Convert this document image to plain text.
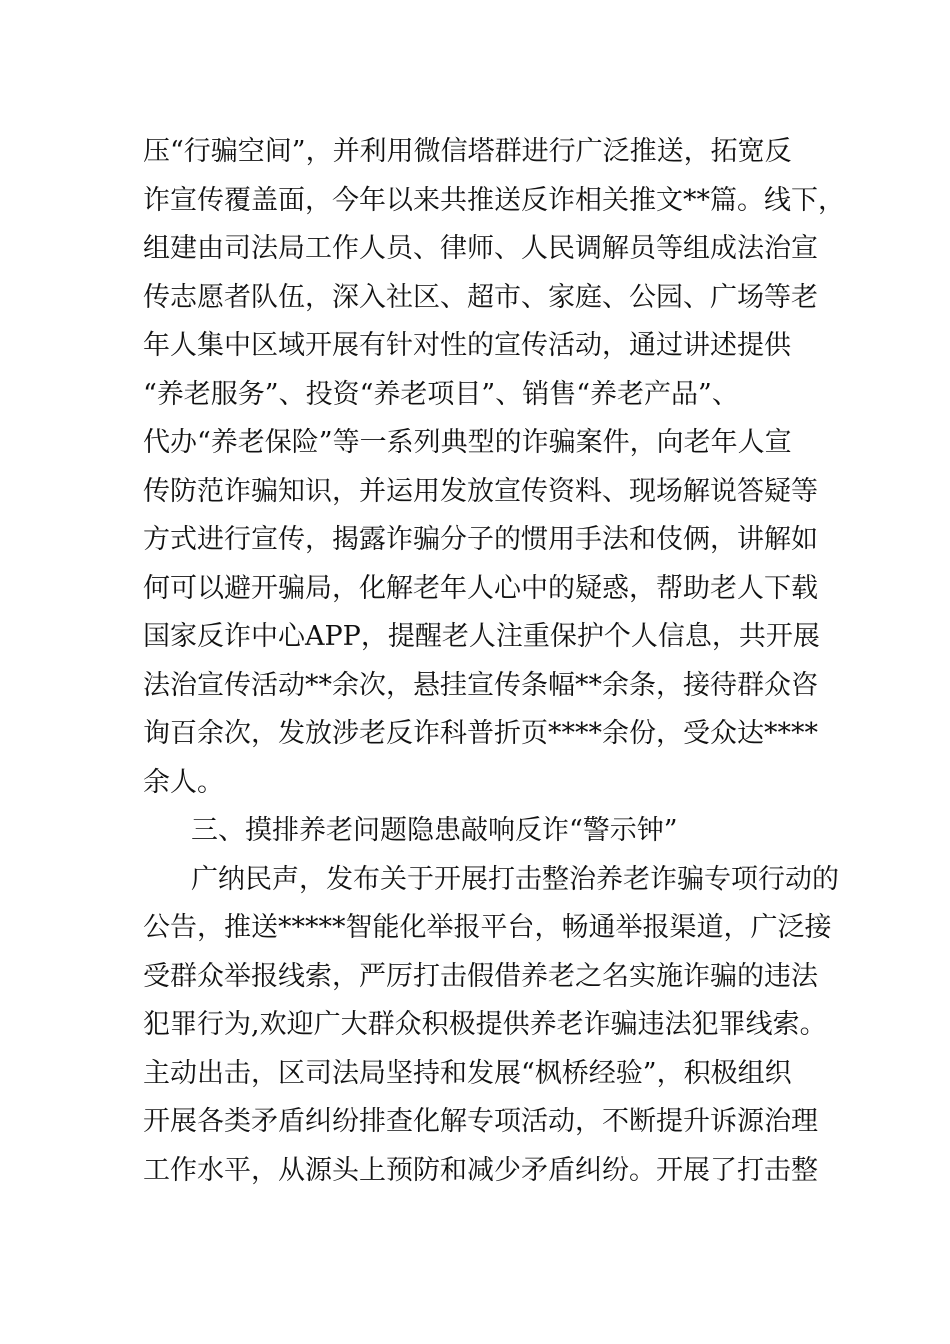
压“行骗空间”，并利用微信塔群进行广泛推送，拓宽反
诈宣传覆盖面，今年以来共推送反诈相关推文**篇。线下，
组建由司法局工作人员、律师、人民调解员等组成法治宣
传志愿者队伍，深入社区、超市、家庭、公园、广场等老
年人集中区域开展有针对性的宣传活动，通过讲述提供
“养老服务”、投资“养老项目”、销售“养老产品”、
代办“养老保险”等一系列典型的诈骗案件，向老年人宣
传防范诈骗知识，并运用发放宣传资料、现场解说答疑等
方式进行宣传，揭露诈骗分子的惯用手法和伎俩，讲解如
何可以避开骗局，化解老年人心中的疑惑，帮助老人下载
国家反诈中心APP，提醒老人注重保护个人信息，共开展
法治宣传活动**余次，悬挂宣传条幅**余条，接待群众咨
询百余次，发放涉老反诈科普折页****余份，受众达****
余人。
三、摸排养老问题隐患敲响反诈“警示钟”
广纳民声，发布关于开展打击整治养老诈骗专项行动的
公告，推送*****智能化举报平台，畅通举报渠道，广泛接
受群众举报线索，严厉打击假借养老之名实施诈骗的违法
犯罪行为,欢迎广大群众积极提供养老诈骗违法犯罪线索。
主动出击，区司法局坚持和发展“枫桥经验”，积极组织
开展各类矛盾纠纷排查化解专项活动，不断提升诉源治理
工作水平，从源头上预防和减少矛盾纠纷。开展了打击整
